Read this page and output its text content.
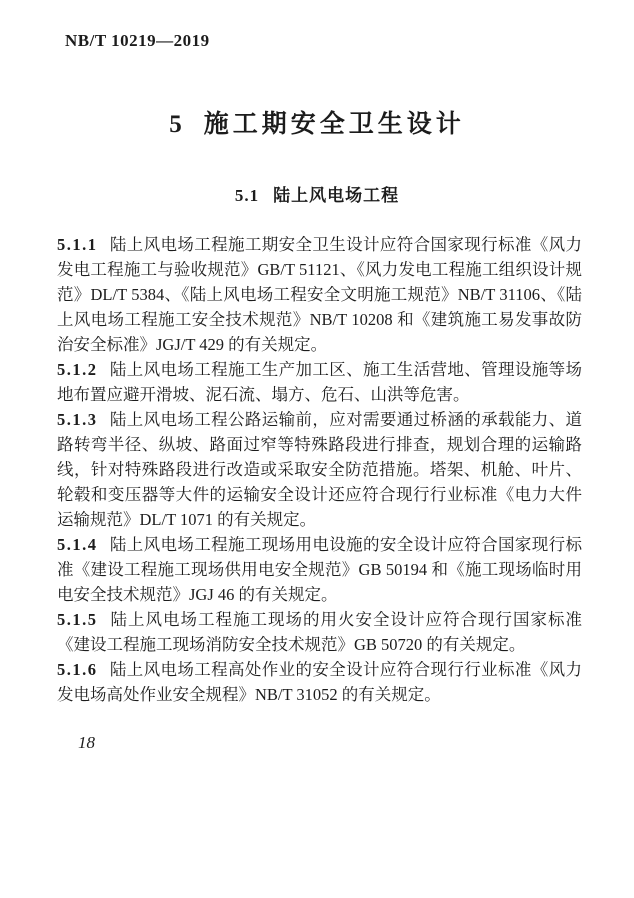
NB/T 10219—2019
5 施工期安全卫生设计
5.1 陆上风电场工程

5.1.1 陆上风电场工程施工期安全卫生设计应符合国家现行标准《风力发电工程施工与验收规范》GB/T 51121、《风力发电工程施工组织设计规范》DL/T 5384、《陆上风电场工程安全文明施工规范》NB/T 31106、《陆上风电场工程施工安全技术规范》NB/T 10208 和《建筑施工易发事故防治安全标准》JGJ/T 429 的有关规定。

5.1.2 陆上风电场工程施工生产加工区、施工生活营地、管理设施等场地布置应避开滑坡、泥石流、塌方、危石、山洪等危害。

5.1.3 陆上风电场工程公路运输前，应对需要通过桥涵的承载能力、道路转弯半径、纵坡、路面过窄等特殊路段进行排查，规划合理的运输路线，针对特殊路段进行改造或采取安全防范措施。塔架、机舱、叶片、轮毂和变压器等大件的运输安全设计还应符合现行行业标准《电力大件运输规范》DL/T 1071 的有关规定。

5.1.4 陆上风电场工程施工现场用电设施的安全设计应符合国家现行标准《建设工程施工现场供用电安全规范》GB 50194 和《施工现场临时用电安全技术规范》JGJ 46 的有关规定。

5.1.5 陆上风电场工程施工现场的用火安全设计应符合现行国家标准《建设工程施工现场消防安全技术规范》GB 50720 的有关规定。

5.1.6 陆上风电场工程高处作业的安全设计应符合现行行业标准《风力发电场高处作业安全规程》NB/T 31052 的有关规定。

18
